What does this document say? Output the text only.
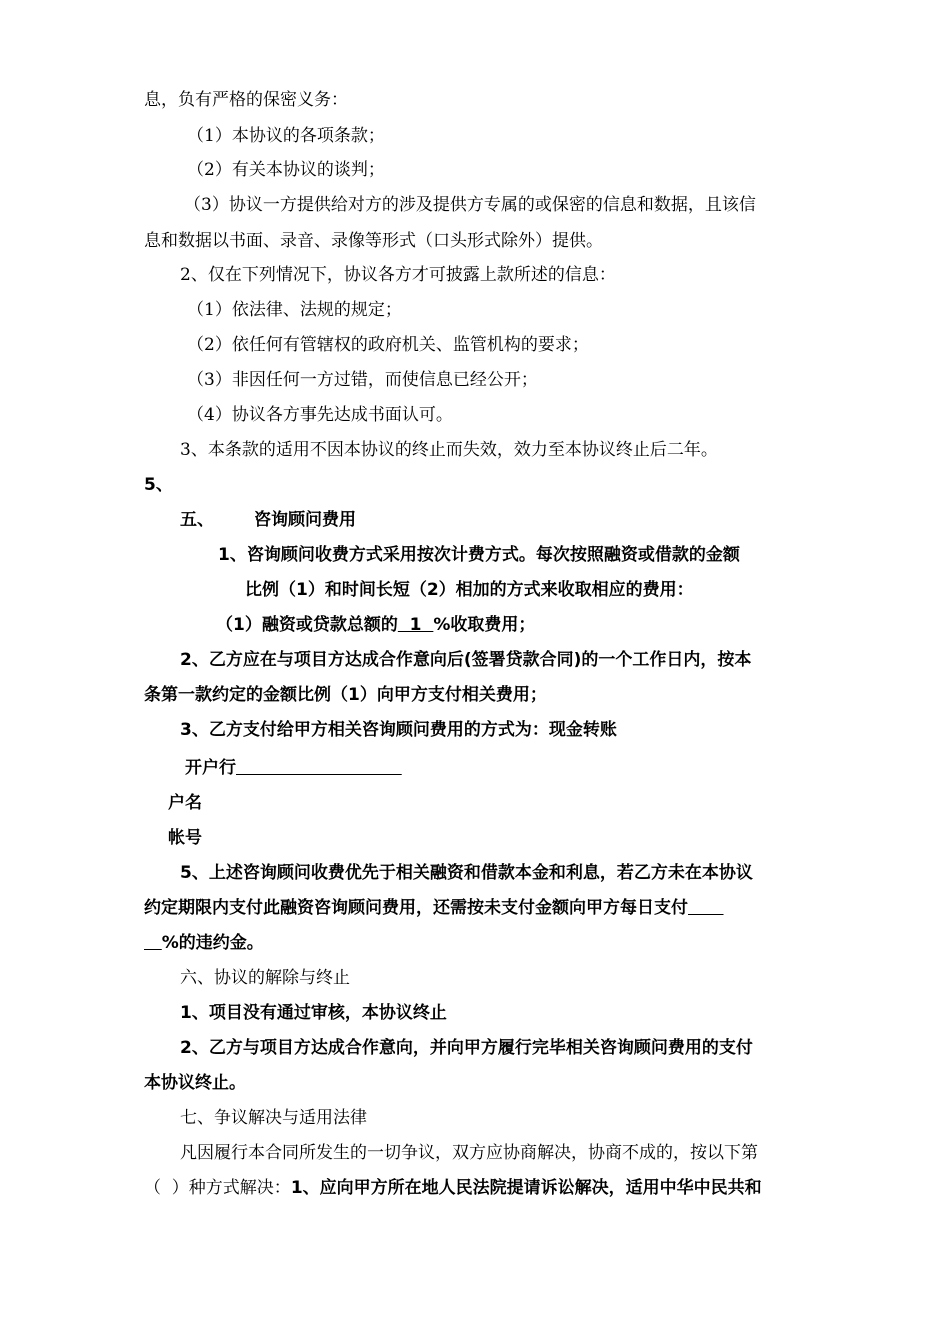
息，负有严格的保密义务：
（1）本协议的各项条款；
（2）有关本协议的谈判；
（3）协议一方提供给对方的涉及提供方专属的或保密的信息和数据，且该信
息和数据以书面、录音、录像等形式（口头形式除外）提供。
2、仅在下列情况下，协议各方才可披露上款所述的信息：
（1）依法律、法规的规定；
（2）依任何有管辖权的政府机关、监管机构的要求；
（3）非因任何一方过错，而使信息已经公开；
（4）协议各方事先达成书面认可。
3、本条款的适用不因本协议的终止而失效，效力至本协议终止后二年。
5、
五、 咨询顾问费用
1、咨询顾问收费方式采用按次计费方式。每次按照融资或借款的金额
比例（1）和时间长短（2）相加的方式来收取相应的费用：
（1）融资或贷款总额的  1  %收取费用；
2、乙方应在与项目方达成合作意向后(签署贷款合同)的一个工作日内，按本
条第一款约定的金额比例（1）向甲方支付相关费用；
3、乙方支付给甲方相关咨询顾问费用的方式为：现金转账
开户行
户名
帐号
5、上述咨询顾问收费优先于相关融资和借款本金和利息，若乙方未在本协议
约定期限内支付此融资咨询顾问费用，还需按未支付金额向甲方每日支付
%的违约金。
六、协议的解除与终止
1、项目没有通过审核，本协议终止
2、乙方与项目方达成合作意向，并向甲方履行完毕相关咨询顾问费用的支付
本协议终止。
七、争议解决与适用法律
凡因履行本合同所发生的一切争议，双方应协商解决，协商不成的，按以下第
（  ）种方式解决：1、应向甲方所在地人民法院提请诉讼解决，适用中华中民共和
